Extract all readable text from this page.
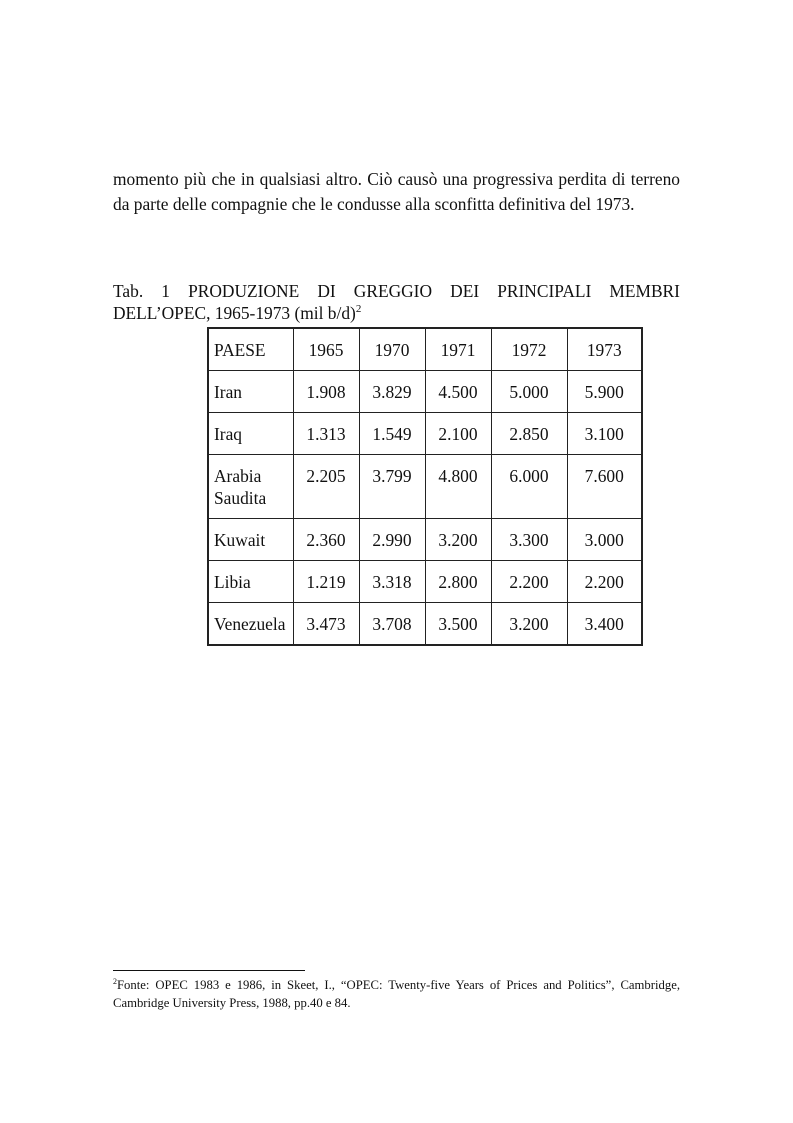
momento più che in qualsiasi altro. Ciò causò una progressiva perdita di terreno da parte delle compagnie che le condusse alla sconfitta definitiva del 1973.

Tab. 1 PRODUZIONE DI GREGGIO DEI PRINCIPALI MEMBRI
DELL’OPEC, 1965-1973 (mil b/d)$^2$
PAESE	1965	1970	1971	1972	1973
Iran	1.908	3.829	4.500	5.000	5.900
Iraq	1.313	1.549	2.100	2.850	3.100
Arabia Saudita	2.205	3.799	4.800	6.000	7.600
Kuwait	2.360	2.990	3.200	3.300	3.000
Libia	1.219	3.318	2.800	2.200	2.200
Venezuela	3.473	3.708	3.500	3.200	3.400
$^2$Fonte: OPEC 1983 e 1986, in Skeet, I., “OPEC: Twenty-five Years of Prices and Politics”, Cambridge, Cambridge University Press, 1988, pp.40 e 84.
